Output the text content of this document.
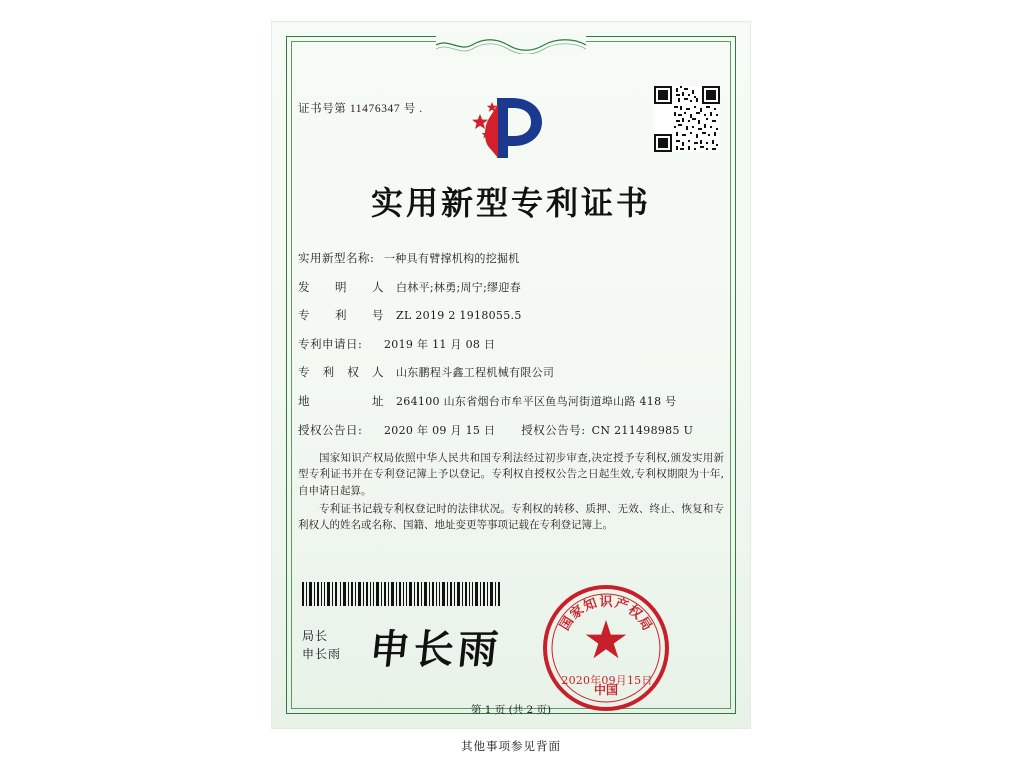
证书号第 11476347 号 .
实用新型专利证书
实用新型名称: 一种具有臂撑机构的挖掘机
发明人	白林平;林勇;周宁;缪迎春
专利号	ZL 2019 2 1918055.5
专利申请日:	2019 年 11 月 08 日
专利权人	山东鹏程斗鑫工程机械有限公司
地址	264100 山东省烟台市牟平区鱼鸟河街道埠山路 418 号
授权公告日:	2020 年 09 月 15 日 授权公告号: CN 211498985 U

国家知识产权局依照中华人民共和国专利法经过初步审查,决定授予专利权,颁发实用新型专利证书并在专利登记簿上予以登记。专利权自授权公告之日起生效,专利权期限为十年,自申请日起算。

专利证书记载专利权登记时的法律状况。专利权的转移、质押、无效、终止、恢复和专利权人的姓名或名称、国籍、地址变更等事项记载在专利登记簿上。

局长
申长雨 申长雨
国
家
知 识 产
权
局
中国
2020年09月15日
第 1 页 (共 2 页)
其他事项参见背面
